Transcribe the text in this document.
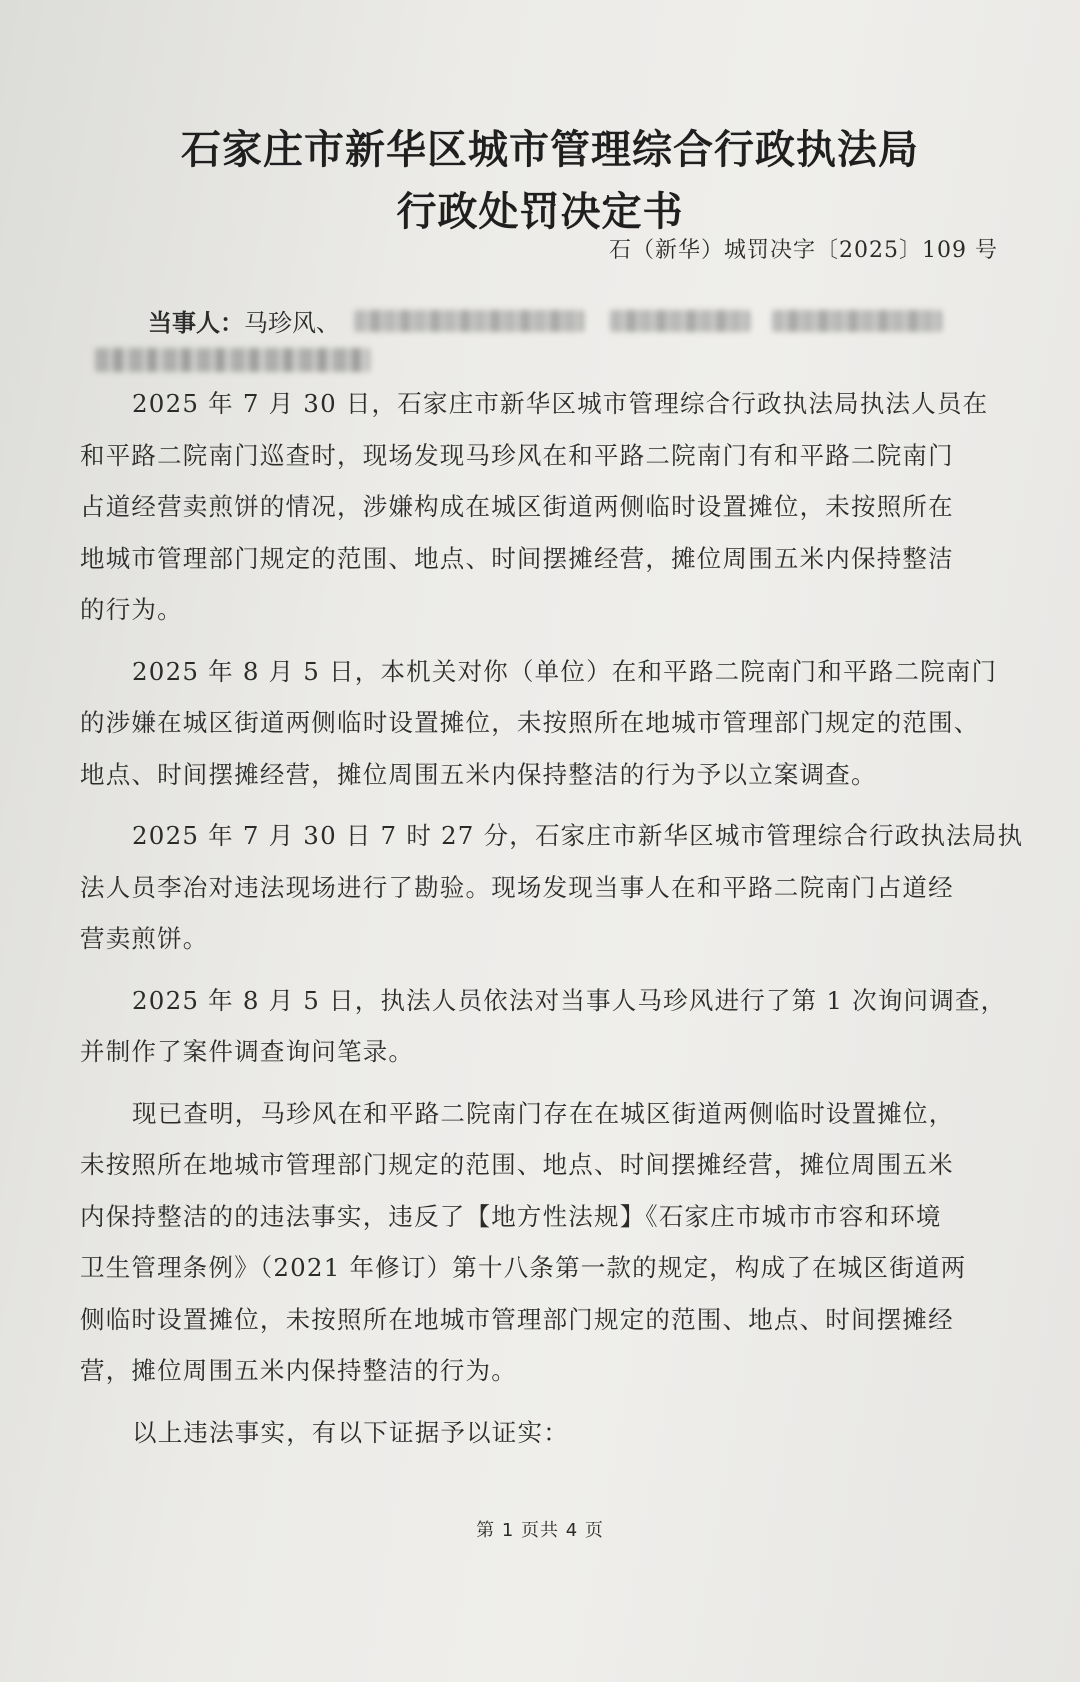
石家庄市新华区城市管理综合行政执法局
行政处罚决定书
石（新华）城罚决字〔2025〕109 号
当事人： 马珍风、
2025 年 7 月 30 日，石家庄市新华区城市管理综合行政执法局执法人员在
和平路二院南门巡查时，现场发现马珍风在和平路二院南门有和平路二院南门
占道经营卖煎饼的情况，涉嫌构成在城区街道两侧临时设置摊位，未按照所在
地城市管理部门规定的范围、地点、时间摆摊经营，摊位周围五米内保持整洁
的行为。
2025 年 8 月 5 日，本机关对你（单位）在和平路二院南门和平路二院南门
的涉嫌在城区街道两侧临时设置摊位，未按照所在地城市管理部门规定的范围、
地点、时间摆摊经营，摊位周围五米内保持整洁的行为予以立案调查。
2025 年 7 月 30 日 7 时 27 分，石家庄市新华区城市管理综合行政执法局执
法人员李冶对违法现场进行了勘验。现场发现当事人在和平路二院南门占道经
营卖煎饼。
2025 年 8 月 5 日，执法人员依法对当事人马珍风进行了第 1 次询问调查，
并制作了案件调查询问笔录。
现已查明，马珍风在和平路二院南门存在在城区街道两侧临时设置摊位，
未按照所在地城市管理部门规定的范围、地点、时间摆摊经营，摊位周围五米
内保持整洁的的违法事实，违反了【地方性法规】《石家庄市城市市容和环境
卫生管理条例》（2021 年修订）第十八条第一款的规定，构成了在城区街道两
侧临时设置摊位，未按照所在地城市管理部门规定的范围、地点、时间摆摊经
营，摊位周围五米内保持整洁的行为。
以上违法事实，有以下证据予以证实：
第 1 页共 4 页
